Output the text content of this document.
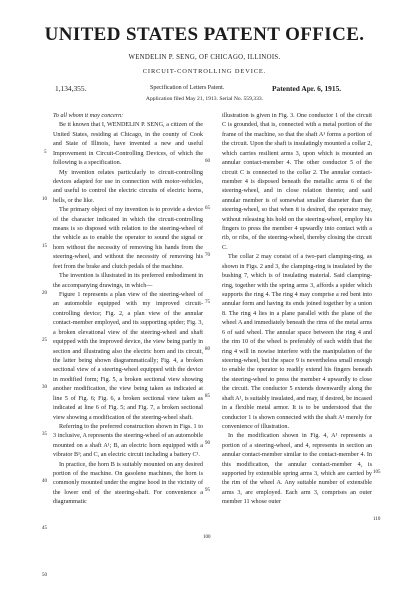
UNITED STATES PATENT OFFICE.
WENDELIN P. SENG, OF CHICAGO, ILLINOIS.
CIRCUIT-CONTROLLING DEVICE.
1,134,355.	Specification of Letters Patent.	Patented Apr. 6, 1915.
Application filed May 21, 1913. Serial No. 559,333.

To all whom it may concern:

Be it known that I, WENDELIN P. SENG, a citizen of the United States, residing at Chicago, in the county of Cook and State of Illinois, have invented a new and useful Improvement in Circuit-Controlling Devices, of which the following is a specification.

My invention relates particularly to circuit-controlling devices adapted for use in connection with motor-vehicles, and useful to control the electric circuits of electric horns, bells, or the like.

The primary object of my invention is to provide a device of the character indicated in which the circuit-controlling means is so disposed with relation to the steering-wheel of the vehicle as to enable the operator to sound the signal or horn without the necessity of removing his hands from the steering-wheel, and without the necessity of removing his feet from the brake and clutch pedals of the machine.

The invention is illustrated in its preferred embodiment in the accompanying drawings, in which—

Figure 1 represents a plan view of the steering-wheel of an automobile equipped with my improved circuit-controlling device; Fig. 2, a plan view of the annular contact-member employed, and its supporting spider; Fig. 3, a broken elevational view of the steering-wheel and shaft equipped with the improved device, the view being partly in section and illustrating also the electric horn and its circuit, the latter being shown diagrammatically; Fig. 4, a broken sectional view of a steering-wheel equipped with the device in modified form; Fig. 5, a broken sectional view showing another modification, the view being taken as indicated at line 5 of Fig. 6; Fig. 6, a broken sectional view taken as indicated at line 6 of Fig. 5; and Fig. 7, a broken sectional view showing a modification of the steering-wheel shaft.

Referring to the preferred construction shown in Figs. 1 to 3 inclusive, A represents the steering-wheel of an automobile mounted on a shaft A¹; B, an electric horn equipped with a vibrator B¹; and C, an electric circuit including a battery C¹.

In practice, the horn B is suitably mounted on any desired portion of the machine. On gasolene machines, the horn is commonly mounted under the engine hood in the vicinity of the lower end of the steering-shaft. For convenience a diagrammatic

illustration is given in Fig. 3. One conductor 1 of the circuit C is grounded, that is, connected with a metal portion of the frame of the machine, so that the shaft A¹ forms a portion of the circuit. Upon the shaft is insulatingly mounted a collar 2, which carries resilient arms 3, upon which is mounted an annular contact-member 4. The other conductor 5 of the circuit C is connected to the collar 2. The annular contact-member 4 is disposed beneath the metallic arms 6 of the steering-wheel, and in close relation thereto; and said annular member is of somewhat smaller diameter than the steering-wheel, so that when it is desired, the operator may, without releasing his hold on the steering-wheel, employ his fingers to press the member 4 upwardly into contact with a rib, or ribs, of the steering-wheel, thereby closing the circuit C.

The collar 2 may consist of a two-part clamping-ring, as shown in Figs. 2 and 3, the clamping-ring is insulated by the bushing 7, which is of insulating material. Said clamping-ring, together with the spring arms 3, affords a spider which supports the ring 4. The ring 4 may comprise a red bent into annular form and having its ends joined together by a union 8. The ring 4 lies in a plane parallel with the plane of the wheel A and immediately beneath the rims of the metal arms 6 of said wheel. The annular space between the ring 4 and the rim 10 of the wheel is preferably of such width that the ring 4 will in nowise interfere with the manipulation of the steering-wheel, but the space 9 is nevertheless small enough to enable the operator to readily extend his fingers beneath the steering-wheel to press the member 4 upwardly to close the circuit. The conductor 5 extends downwardly along the shaft A¹, is suitably insulated, and may, if desired, be incased in a flexible metal armor. It is to be understood that the conductor 1 is shown connected with the shaft A¹ merely for convenience of illustration.

In the modification shown in Fig. 4, A¹ represents a portion of a steering-wheel, and 4, represents in section an annular contact-member similar to the contact-member 4. In this modification, the annular contact-member 4, is supported by extensible spring arms 3, which are carried by the rim of the wheel A. Any suitable number of extensible arms 3, are employed. Each arm 3, comprises an outer member 11 whose outer

5
10
15
20
25
30
35
40
45
50
60
65
70
75
80
85
90
95
100
105
110
